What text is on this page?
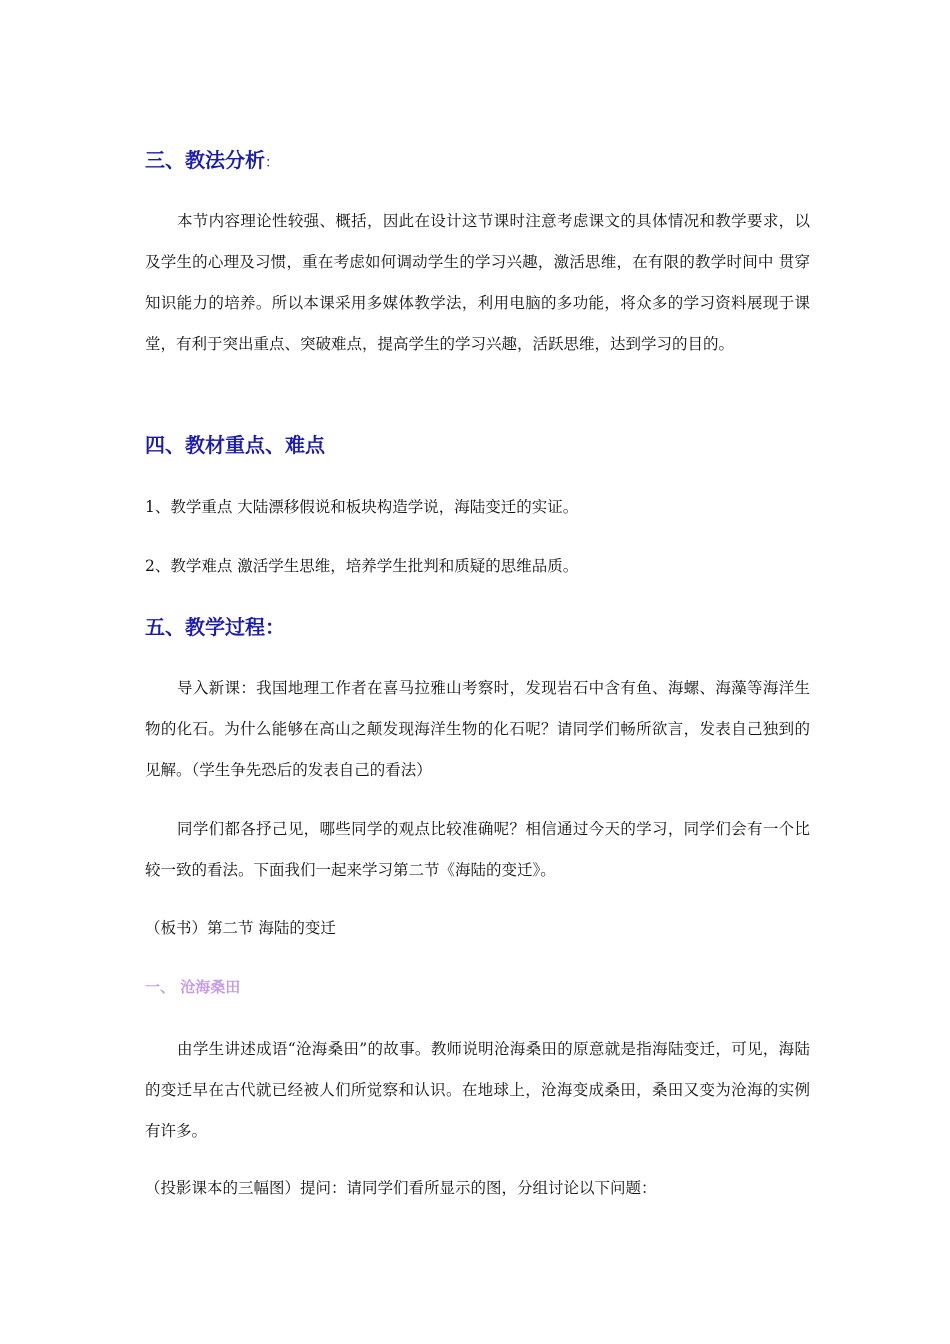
三、教法分析：
本节内容理论性较强、概括，因此在设计这节课时注意考虑课文的具体情况和教学要求，以及学生的心理及习惯，重在考虑如何调动学生的学习兴趣，激活思维，在有限的教学时间中 贯穿知识能力的培养。所以本课采用多媒体教学法，利用电脑的多功能，将众多的学习资料展现于课堂，有利于突出重点、突破难点，提高学生的学习兴趣，活跃思维，达到学习的目的。
四、教材重点、难点
1、教学重点 大陆漂移假说和板块构造学说，海陆变迁的实证。
2、教学难点 激活学生思维，培养学生批判和质疑的思维品质。
五、教学过程：
导入新课：我国地理工作者在喜马拉雅山考察时，发现岩石中含有鱼、海螺、海藻等海洋生物的化石。为什么能够在高山之颠发现海洋生物的化石呢？请同学们畅所欲言，发表自己独到的见解。（学生争先恐后的发表自己的看法）
同学们都各抒己见，哪些同学的观点比较准确呢？相信通过今天的学习，同学们会有一个比较一致的看法。下面我们一起来学习第二节《海陆的变迁》。
（板书）第二节 海陆的变迁
一、 沧海桑田
由学生讲述成语“沧海桑田”的故事。教师说明沧海桑田的原意就是指海陆变迁，可见，海陆的变迁早在古代就已经被人们所觉察和认识。在地球上，沧海变成桑田，桑田又变为沧海的实例有许多。
（投影课本的三幅图）提问：请同学们看所显示的图，分组讨论以下问题：
